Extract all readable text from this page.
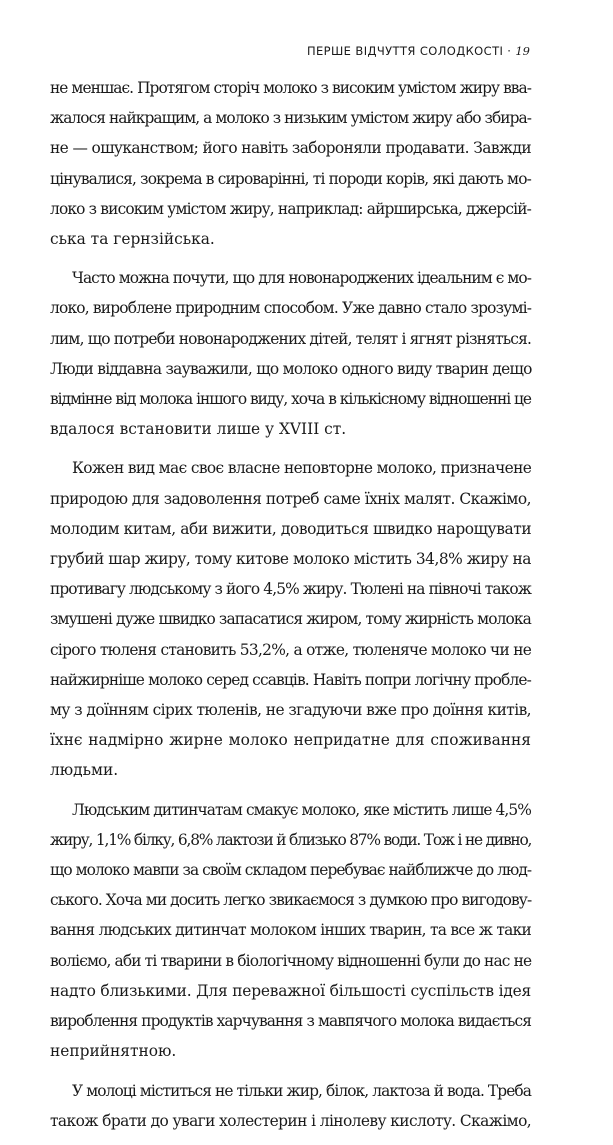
ПЕРШЕ ВІДЧУТТЯ СОЛОДКОСТІ · 19
не меншає. Протягом сторіч молоко з високим умістом жиру вва-
жалося найкращим, а молоко з низьким умістом жиру або збира-
не — ошуканством; його навіть забороняли продавати. Завжди
цінувалися, зокрема в сироварінні, ті породи корів, які дають мо-
локо з високим умістом жиру, наприклад: айрширська, джерсій-
ська та гернзійська.
Часто можна почути, що для новонароджених ідеальним є мо-
локо, вироблене природним способом. Уже давно стало зрозумі-
лим, що потреби новонароджених дітей, телят і ягнят різняться.
Люди віддавна зауважили, що молоко одного виду тварин дещо
відмінне від молока іншого виду, хоча в кількісному відношенні це
вдалося встановити лише у XVIII ст.
Кожен вид має своє власне неповторне молоко, призначене
природою для задоволення потреб саме їхніх малят. Скажімо,
молодим китам, аби вижити, доводиться швидко нарощувати
грубий шар жиру, тому китове молоко містить 34,8% жиру на
противагу людському з його 4,5% жиру. Тюлені на півночі також
змушені дуже швидко запасатися жиром, тому жирність молока
сірого тюленя становить 53,2%, а отже, тюленяче молоко чи не
найжирніше молоко серед ссавців. Навіть попри логічну пробле-
му з доїнням сірих тюленів, не згадуючи вже про доїння китів,
їхнє надмірно жирне молоко непридатне для споживання
людьми.
Людським дитинчатам смакує молоко, яке містить лише 4,5%
жиру, 1,1% білку, 6,8% лактози й близько 87% води. Тож і не дивно,
що молоко мавпи за своїм складом перебуває найближче до люд-
ського. Хоча ми досить легко звикаємося з думкою про вигодову-
вання людських дитинчат молоком інших тварин, та все ж таки
воліємо, аби ті тварини в біологічному відношенні були до нас не
надто близькими. Для переважної більшості суспільств ідея
вироблення продуктів харчування з мавпячого молока видається
неприйнятною.
У молоці міститься не тільки жир, білок, лактоза й вода. Треба
також брати до уваги холестерин і лінолеву кислоту. Скажімо,
